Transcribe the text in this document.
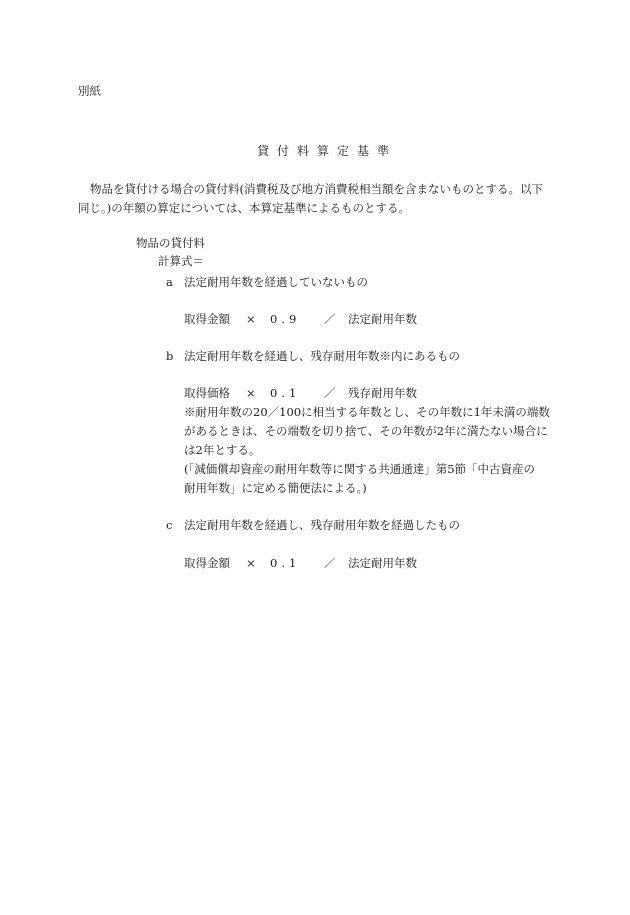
別紙
貸付料算定基準
物品を貸付ける場合の貸付料(消費税及び地方消費税相当額を含まないものとする。以下
同じ。)の年額の算定については、本算定基準によるものとする。
物品の貸付料
計算式＝
a 法定耐用年数を経過していないもの
取得金額 × 0.9 ／ 法定耐用年数
b 法定耐用年数を経過し、残存耐用年数※内にあるもの
取得価格 × 0.1 ／ 残存耐用年数
※耐用年数の20／100に相当する年数とし、その年数に1年未満の端数
があるときは、その端数を切り捨て、その年数が2年に満たない場合に
は2年とする。
(「減価償却資産の耐用年数等に関する共通通達」第5節「中古資産の
耐用年数」に定める簡便法による。)
c 法定耐用年数を経過し、残存耐用年数を経過したもの
取得金額 × 0.1 ／ 法定耐用年数
